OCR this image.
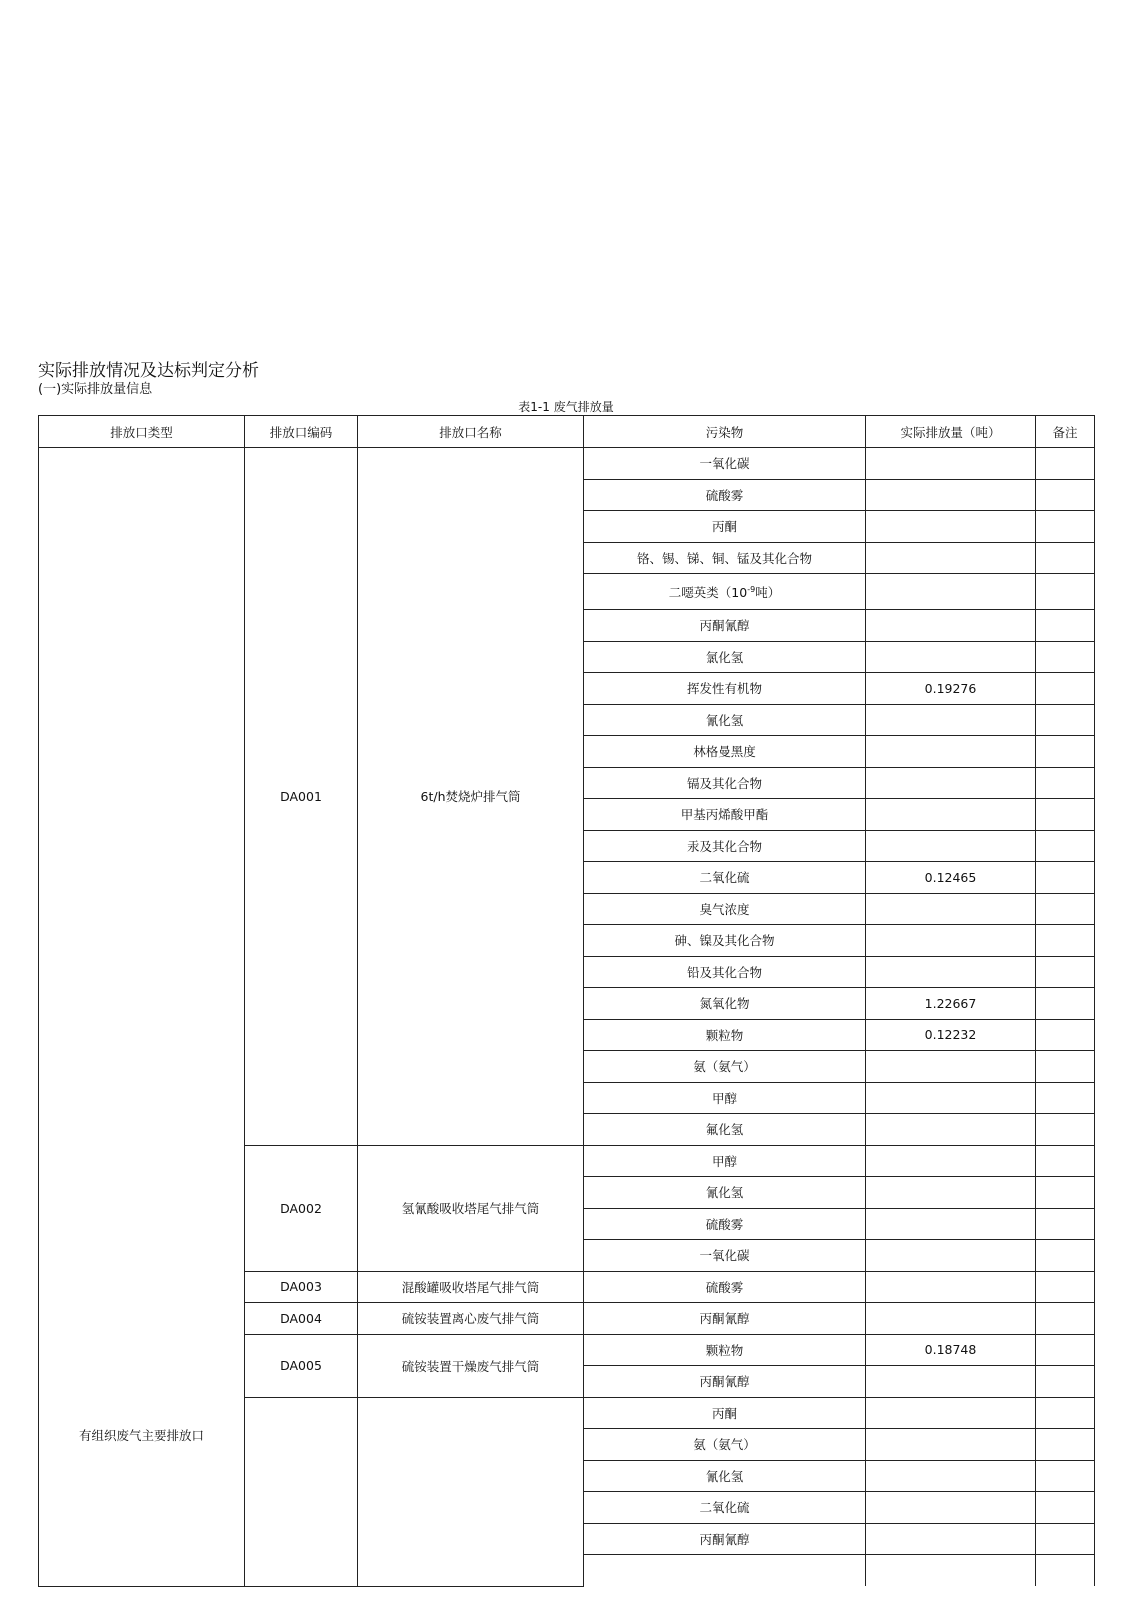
实际排放情况及达标判定分析
(一)实际排放量信息
表1-1 废气排放量
排放口类型	排放口编码	排放口名称	污染物	实际排放量（吨）	备注
有组织废气主要排放口	DA001	6t/h焚烧炉排气筒	一氧化碳		
			硫酸雾		
			丙酮		
			铬、锡、锑、铜、锰及其化合物		
			二噁英类（$10^{-9}$吨）		
			丙酮氰醇		
			氯化氢		
			挥发性有机物	0.19276	
			氰化氢		
			林格曼黑度		
			镉及其化合物		
			甲基丙烯酸甲酯		
			汞及其化合物		
			二氧化硫	0.12465	
			臭气浓度		
			砷、镍及其化合物		
			铅及其化合物		
			氮氧化物	1.22667	
			颗粒物	0.12232	
			氨（氨气）		
			甲醇		
			氟化氢		
	DA002	氢氰酸吸收塔尾气排气筒	甲醇		
			氰化氢		
			硫酸雾		
			一氧化碳		
	DA003	混酸罐吸收塔尾气排气筒	硫酸雾		
	DA004	硫铵装置离心废气排气筒	丙酮氰醇		
	DA005	硫铵装置干燥废气排气筒	颗粒物	0.18748	
			丙酮氰醇		
			丙酮		
			氨（氨气）		
			氰化氢		
			二氧化硫		
			丙酮氰醇		
